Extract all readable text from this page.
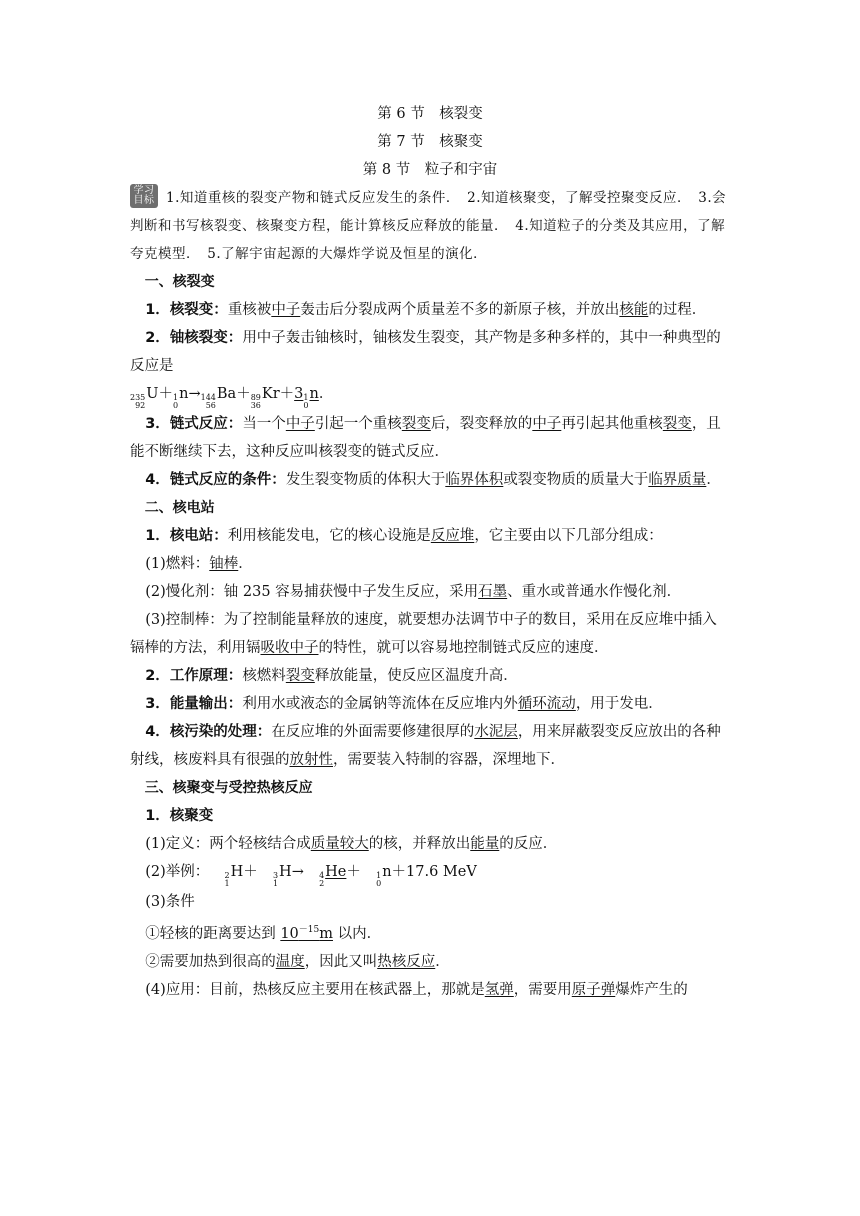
第 6 节　核裂变
第 7 节　核聚变
第 8 节　粒子和宇宙

学习
目标 1.知道重核的裂变产物和链式反应发生的条件．　2.知道核聚变，了解受控聚变反应．　3.会判断和书写核裂变、核聚变方程，能计算核反应释放的能量．　4.知道粒子的分类及其应用，了解夸克模型．　5.了解宇宙起源的大爆炸学说及恒星的演化．

一、核裂变

1．核裂变：重核被中子轰击后分裂成两个质量差不多的新原子核，并放出核能的过程．

2．铀核裂变：用中子轰击铀核时，铀核发生裂变，其产物是多种多样的，其中一种典型的反应是

235
92
U＋ 1
0
n→ 144
56
Ba＋ 89
36
Kr＋3 1
0
n．

3．链式反应：当一个中子引起一个重核裂变后，裂变释放的中子再引起其他重核裂变，且能不断继续下去，这种反应叫核裂变的链式反应．

4．链式反应的条件：发生裂变物质的体积大于临界体积或裂变物质的质量大于临界质量．

二、核电站

1．核电站：利用核能发电，它的核心设施是反应堆，它主要由以下几部分组成：

(1)燃料：铀棒．

(2)慢化剂：铀 235 容易捕获慢中子发生反应，采用石墨、重水或普通水作慢化剂．

(3)控制棒：为了控制能量释放的速度，就要想办法调节中子的数目，采用在反应堆中插入镉棒的方法，利用镉吸收中子的特性，就可以容易地控制链式反应的速度．

2．工作原理：核燃料裂变释放能量，使反应区温度升高．

3．能量输出：利用水或液态的金属钠等流体在反应堆内外循环流动，用于发电．

4．核污染的处理：在反应堆的外面需要修建很厚的水泥层，用来屏蔽裂变反应放出的各种射线，核废料具有很强的放射性，需要装入特制的容器，深埋地下．

三、核聚变与受控热核反应

1．核聚变

(1)定义：两个轻核结合成质量较大的核，并释放出能量的反应．

(2)举例：	2
1
H＋	3
1
H→	4
2
He＋	1
0
n＋17.6 MeV

(3)条件

①轻核的距离要达到 $10^{-15}m$ 以内．

②需要加热到很高的温度，因此又叫热核反应．

(4)应用：目前，热核反应主要用在核武器上，那就是氢弹，需要用原子弹爆炸产生的
